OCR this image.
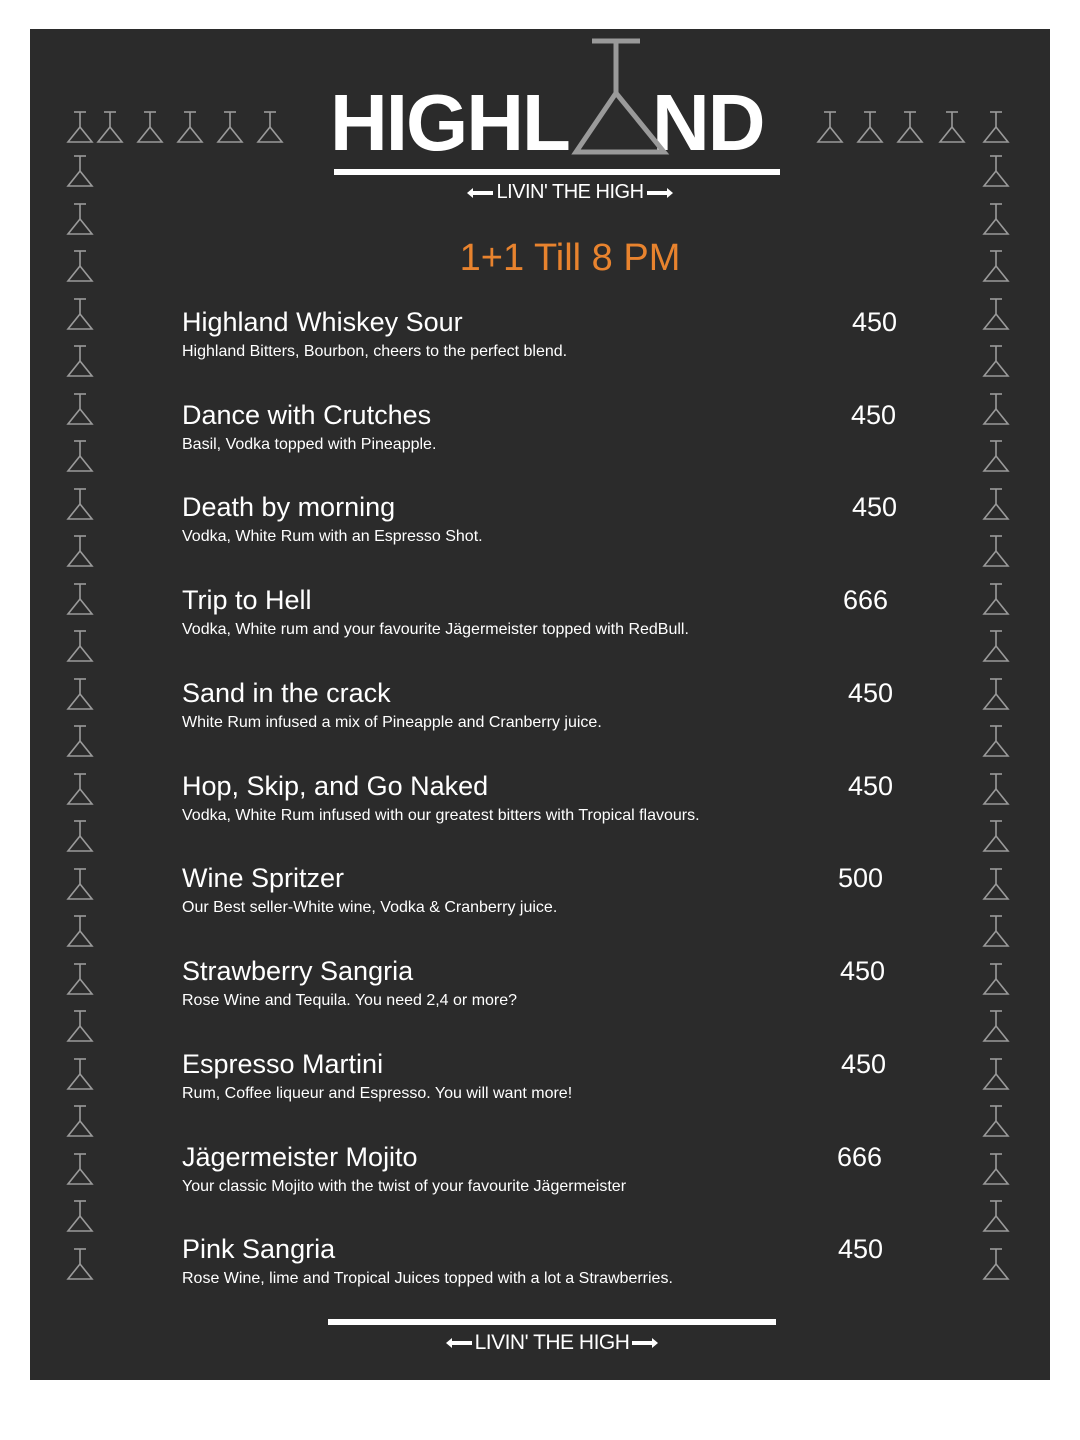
HIGHL ND
LIVIN' THE HIGH
1+1 Till 8 PM
Highland Whiskey Sour
Highland Bitters, Bourbon, cheers to the perfect blend.
450
Dance with Crutches
Basil, Vodka topped with Pineapple.
450
Death by morning
Vodka, White Rum with an Espresso Shot.
450
Trip to Hell
Vodka, White rum and your favourite Jägermeister topped with RedBull.
666
Sand in the crack
White Rum infused a mix of Pineapple and Cranberry juice.
450
Hop, Skip, and Go Naked
Vodka, White Rum infused with our greatest bitters with Tropical flavours.
450
Wine Spritzer
Our Best seller-White wine, Vodka & Cranberry juice.
500
Strawberry Sangria
Rose Wine and Tequila. You need 2,4 or more?
450
Espresso Martini
Rum, Coffee liqueur and Espresso. You will want more!
450
Jägermeister Mojito
Your classic Mojito with the twist of your favourite Jägermeister
666
Pink Sangria
Rose Wine, lime and Tropical Juices topped with a lot a Strawberries.
450
LIVIN' THE HIGH
